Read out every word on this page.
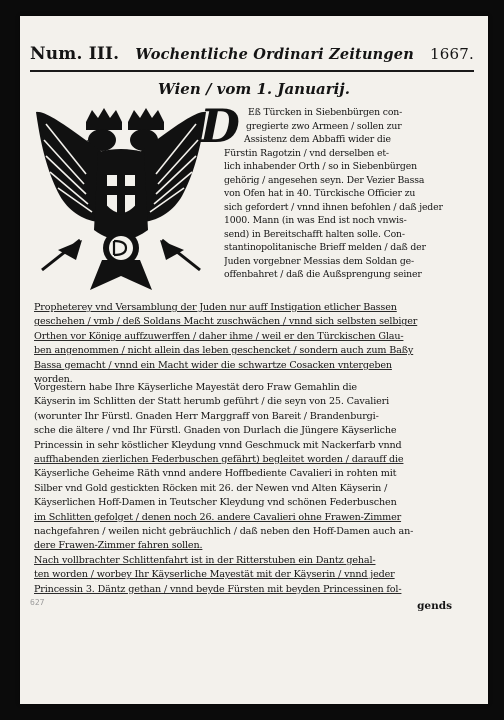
Num. III. Wochentliche Ordinari Zeitungen 1667.
Wien / vom 1. Januarij.
D Eß Türcken in Siebenbürgen con-
gregierte zwo Armeen / sollen zur
Assistenz dem Abbaffi wider die
Fürstin Ragotzin / vnd derselben et-
lich inhabender Orth / so in Siebenbürgen
gehörig / angesehen seyn. Der Vezier Bassa
von Ofen hat in 40. Türckische Officier zu
sich gefordert / vnnd ihnen befohlen / daß jeder
1000. Mann (in was End ist noch vnwis-
send) in Bereitschafft halten solle. Con-
stantinopolitanische Brieff melden / daß der
Juden vorgebner Messias dem Soldan ge-
offenbahret / daß die Außsprengung seiner
Propheterey vnd Versamblung der Juden nur auff Instigation etlicher Bassen
geschehen / vmb / deß Soldans Macht zuschwächen / vnnd sich selbsten selbiger
Orthen vor Könige auffzuwerffen / daher ihme / weil er den Türckischen Glau-
ben angenommen / nicht allein das leben geschencket / sondern auch zum Baßy
Bassa gemacht / vnnd ein Macht wider die schwartze Cosacken vntergeben
worden.
Vorgestern habe Ihre Käyserliche Mayestät dero Fraw Gemahlin die
Käyserin im Schlitten der Statt herumb geführt / die seyn von 25. Cavalieri
(worunter Ihr Fürstl. Gnaden Herr Marggraff von Bareit / Brandenburgi-
sche die ältere / vnd Ihr Fürstl. Gnaden von Durlach die Jüngere Käyserliche
Princessin in sehr köstlicher Kleydung vnnd Geschmuck mit Nackerfarb vnnd
auffhabenden zierlichen Federbuschen gefährt) begleitet worden / darauff die
Käyserliche Geheime Räth vnnd andere Hoffbediente Cavalieri in rohten mit
Silber vnd Gold gestickten Röcken mit 26. der Newen vnd Alten Käyserin /
Käyserlichen Hoff-Damen in Teutscher Kleydung vnd schönen Federbuschen
im Schlitten gefolget / denen noch 26. andere Cavalieri ohne Frawen-Zimmer
nachgefahren / weilen nicht gebräuchlich / daß neben den Hoff-Damen auch an-
dere Frawen-Zimmer fahren sollen.
Nach vollbrachter Schlittenfahrt ist in der Ritterstuben ein Dantz gehal-
ten worden / worbey Ihr Käyserliche Mayestät mit der Käyserin / vnnd jeder
Princessin 3. Däntz gethan / vnnd beyde Fürsten mit beyden Princessinen fol-
gends
627
